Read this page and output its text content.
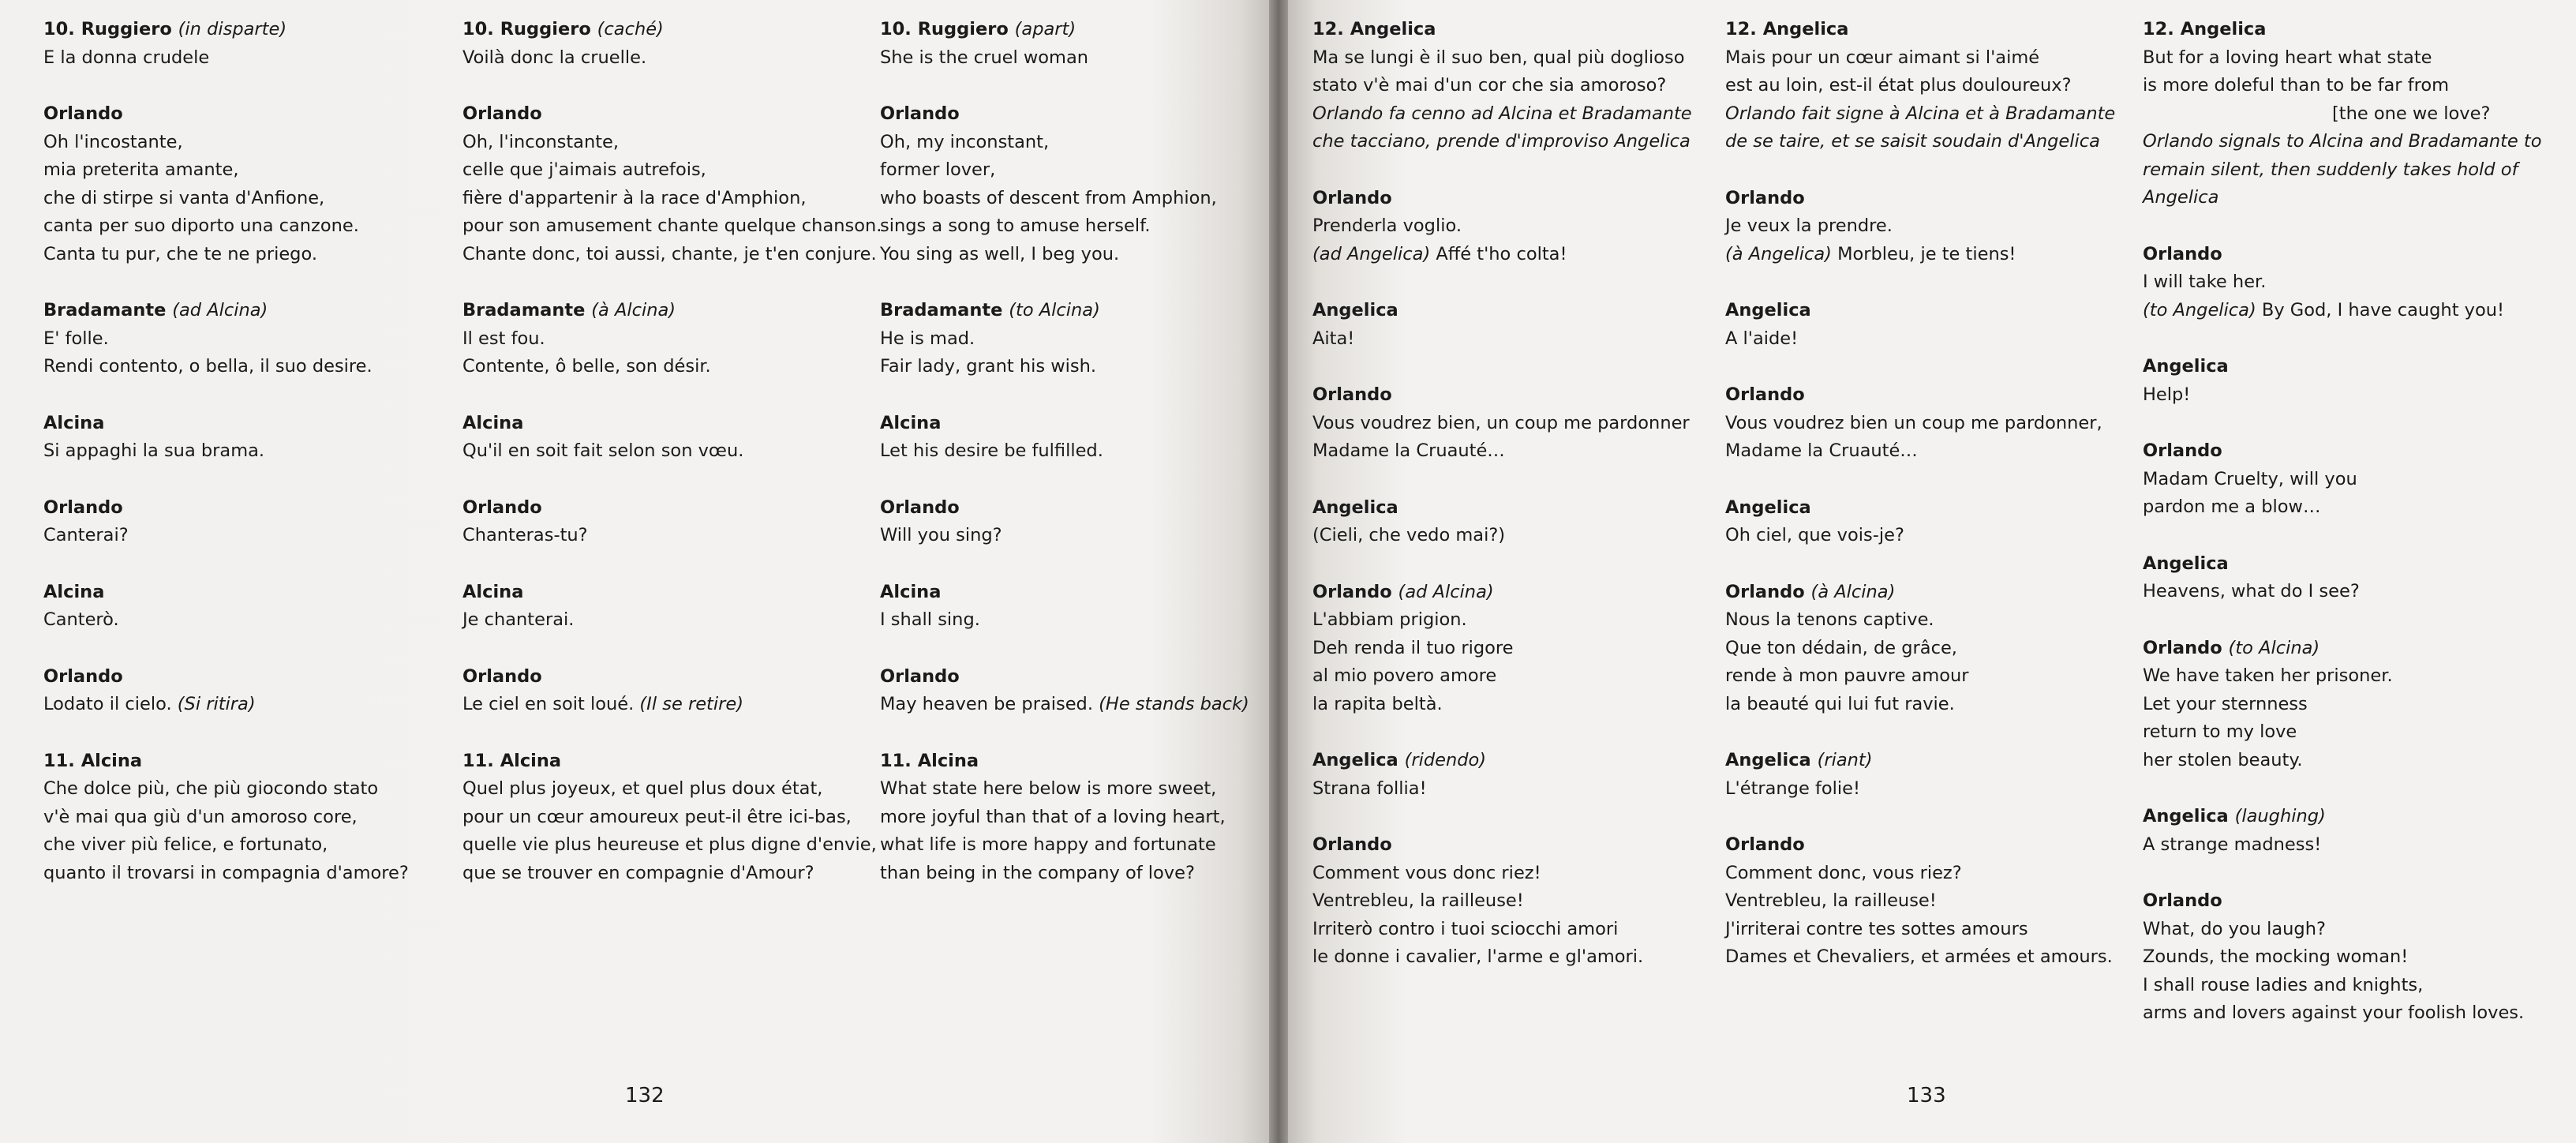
10. Ruggiero (in disparte)
E la donna crudele
Orlando
Oh l'incostante,
mia preterita amante,
che di stirpe si vanta d'Anfione,
canta per suo diporto una canzone.
Canta tu pur, che te ne priego.
Bradamante (ad Alcina)
E' folle.
Rendi contento, o bella, il suo desire.
Alcina
Si appaghi la sua brama.
Orlando
Canterai?
Alcina
Canterò.
Orlando
Lodato il cielo. (Si ritira)
11. Alcina
Che dolce più, che più giocondo stato
v'è mai qua giù d'un amoroso core,
che viver più felice, e fortunato,
quanto il trovarsi in compagnia d'amore?
10. Ruggiero (caché)
Voilà donc la cruelle.
Orlando
Oh, l'inconstante,
celle que j'aimais autrefois,
fière d'appartenir à la race d'Amphion,
pour son amusement chante quelque chanson.
Chante donc, toi aussi, chante, je t'en conjure.
Bradamante (à Alcina)
Il est fou.
Contente, ô belle, son désir.
Alcina
Qu'il en soit fait selon son vœu.
Orlando
Chanteras-tu?
Alcina
Je chanterai.
Orlando
Le ciel en soit loué. (Il se retire)
11. Alcina
Quel plus joyeux, et quel plus doux état,
pour un cœur amoureux peut-il être ici-bas,
quelle vie plus heureuse et plus digne d'envie,
que se trouver en compagnie d'Amour?
10. Ruggiero (apart)
She is the cruel woman
Orlando
Oh, my inconstant,
former lover,
who boasts of descent from Amphion,
sings a song to amuse herself.
You sing as well, I beg you.
Bradamante (to Alcina)
He is mad.
Fair lady, grant his wish.
Alcina
Let his desire be fulfilled.
Orlando
Will you sing?
Alcina
I shall sing.
Orlando
May heaven be praised. (He stands back)
11. Alcina
What state here below is more sweet,
more joyful than that of a loving heart,
what life is more happy and fortunate
than being in the company of love?
132
12. Angelica
Ma se lungi è il suo ben, qual più doglioso
stato v'è mai d'un cor che sia amoroso?
Orlando fa cenno ad Alcina et Bradamante
che tacciano, prende d'improviso Angelica
Orlando
Prenderla voglio.
(ad Angelica) Affé t'ho colta!
Angelica
Aita!
Orlando
Vous voudrez bien, un coup me pardonner
Madame la Cruauté…
Angelica
(Cieli, che vedo mai?)
Orlando (ad Alcina)
L'abbiam prigion.
Deh renda il tuo rigore
al mio povero amore
la rapita beltà.
Angelica (ridendo)
Strana follia!
Orlando
Comment vous donc riez!
Ventrebleu, la railleuse!
Irriterò contro i tuoi sciocchi amori
le donne i cavalier, l'arme e gl'amori.
12. Angelica
Mais pour un cœur aimant si l'aimé
est au loin, est-il état plus douloureux?
Orlando fait signe à Alcina et à Bradamante
de se taire, et se saisit soudain d'Angelica
Orlando
Je veux la prendre.
(à Angelica) Morbleu, je te tiens!
Angelica
A l'aide!
Orlando
Vous voudrez bien un coup me pardonner,
Madame la Cruauté…
Angelica
Oh ciel, que vois-je?
Orlando (à Alcina)
Nous la tenons captive.
Que ton dédain, de grâce,
rende à mon pauvre amour
la beauté qui lui fut ravie.
Angelica (riant)
L'étrange folie!
Orlando
Comment donc, vous riez?
Ventrebleu, la railleuse!
J'irriterai contre tes sottes amours
Dames et Chevaliers, et armées et amours.
12. Angelica
But for a loving heart what state
is more doleful than to be far from
[the one we love?
Orlando signals to Alcina and Bradamante to
remain silent, then suddenly takes hold of
Angelica
Orlando
I will take her.
(to Angelica) By God, I have caught you!
Angelica
Help!
Orlando
Madam Cruelty, will you
pardon me a blow…
Angelica
Heavens, what do I see?
Orlando (to Alcina)
We have taken her prisoner.
Let your sternness
return to my love
her stolen beauty.
Angelica (laughing)
A strange madness!
Orlando
What, do you laugh?
Zounds, the mocking woman!
I shall rouse ladies and knights,
arms and lovers against your foolish loves.
133
